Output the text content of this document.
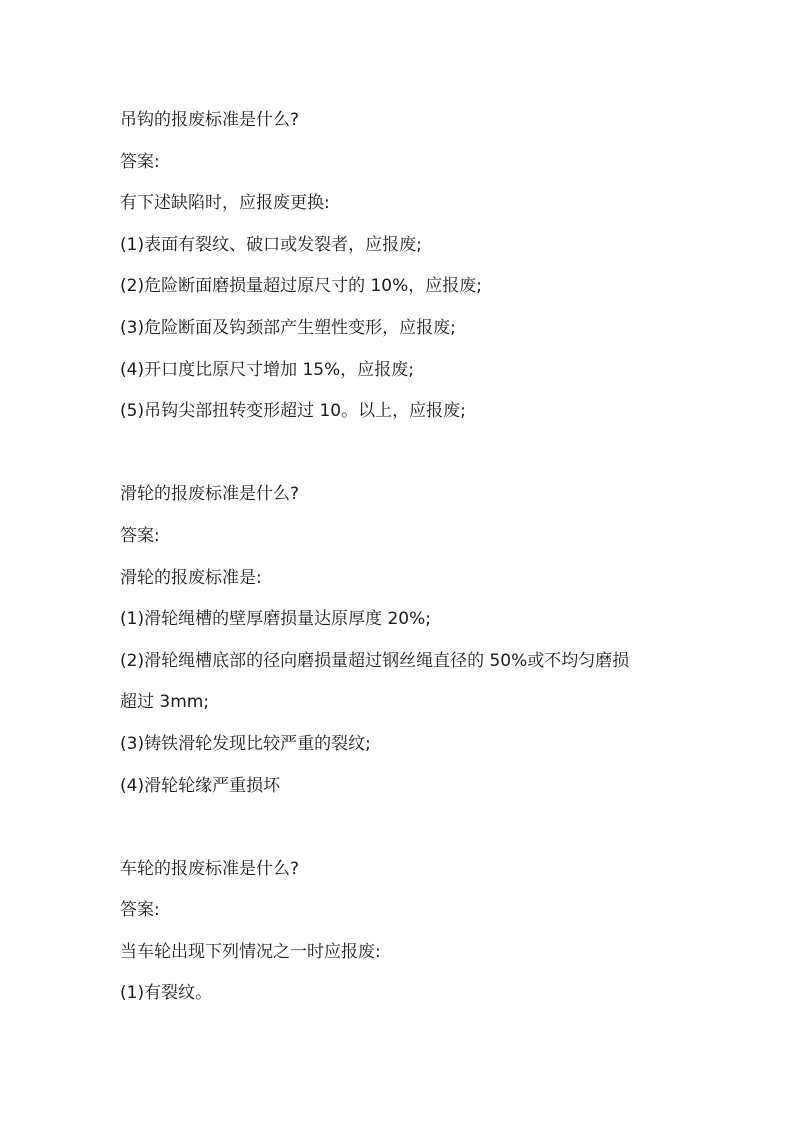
吊钩的报废标准是什么?

答案:

有下述缺陷时，应报废更换:

(1)表面有裂纹、破口或发裂者，应报废;

(2)危险断面磨损量超过原尺寸的 10%，应报废;

(3)危险断面及钩颈部产生塑性变形，应报废;

(4)开口度比原尺寸增加 15%，应报废;

(5)吊钩尖部扭转变形超过 10。以上，应报废;

滑轮的报废标准是什么?

答案:

滑轮的报废标准是:

(1)滑轮绳槽的壁厚磨损量达原厚度 20%;

(2)滑轮绳槽底部的径向磨损量超过钢丝绳直径的 50%或不均匀磨损

超过 3mm;

(3)铸铁滑轮发现比较严重的裂纹;

(4)滑轮轮缘严重损坏

车轮的报废标准是什么?

答案:

当车轮出现下列情况之一时应报废:

(1)有裂纹。
